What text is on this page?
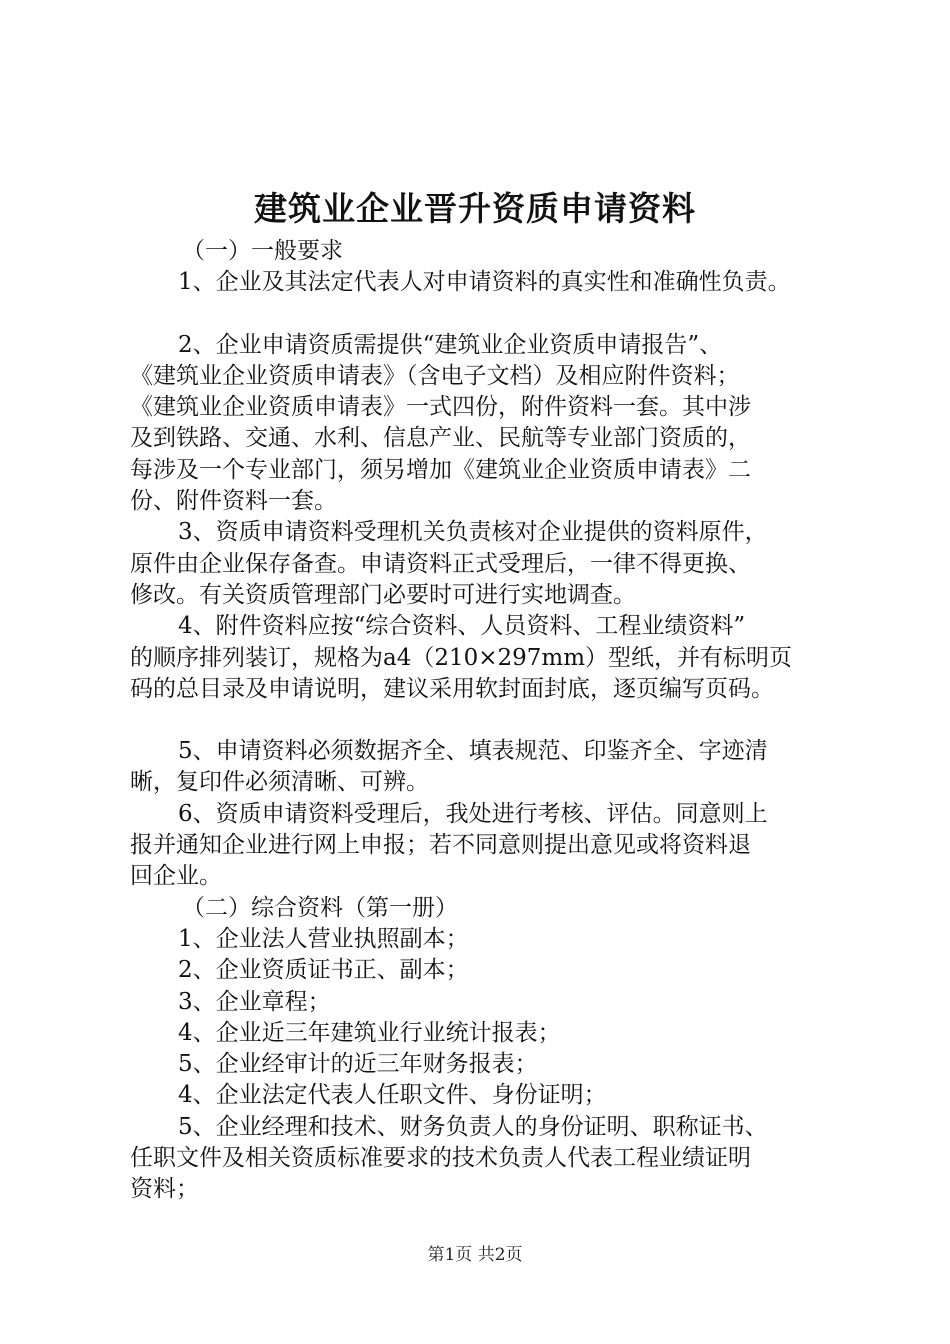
建筑业企业晋升资质申请资料

（一）一般要求

1、企业及其法定代表人对申请资料的真实性和准确性负责。

2、企业申请资质需提供“建筑业企业资质申请报告”、

《建筑业企业资质申请表》（含电子文档）及相应附件资料；

《建筑业企业资质申请表》一式四份，附件资料一套。其中涉

及到铁路、交通、水利、信息产业、民航等专业部门资质的，

每涉及一个专业部门，须另增加《建筑业企业资质申请表》二

份、附件资料一套。

3、资质申请资料受理机关负责核对企业提供的资料原件，

原件由企业保存备查。申请资料正式受理后，一律不得更换、

修改。有关资质管理部门必要时可进行实地调查。

4、附件资料应按“综合资料、人员资料、工程业绩资料”

的顺序排列装订，规格为a4（210×297mm）型纸，并有标明页

码的总目录及申请说明，建议采用软封面封底，逐页编写页码。

5、申请资料必须数据齐全、填表规范、印鉴齐全、字迹清

晰，复印件必须清晰、可辨。

6、资质申请资料受理后，我处进行考核、评估。同意则上

报并通知企业进行网上申报；若不同意则提出意见或将资料退

回企业。

（二）综合资料（第一册）

1、企业法人营业执照副本；

2、企业资质证书正、副本；

3、企业章程；

4、企业近三年建筑业行业统计报表；

5、企业经审计的近三年财务报表；

4、企业法定代表人任职文件、身份证明；

5、企业经理和技术、财务负责人的身份证明、职称证书、

任职文件及相关资质标准要求的技术负责人代表工程业绩证明

资料；

第1页 共2页
